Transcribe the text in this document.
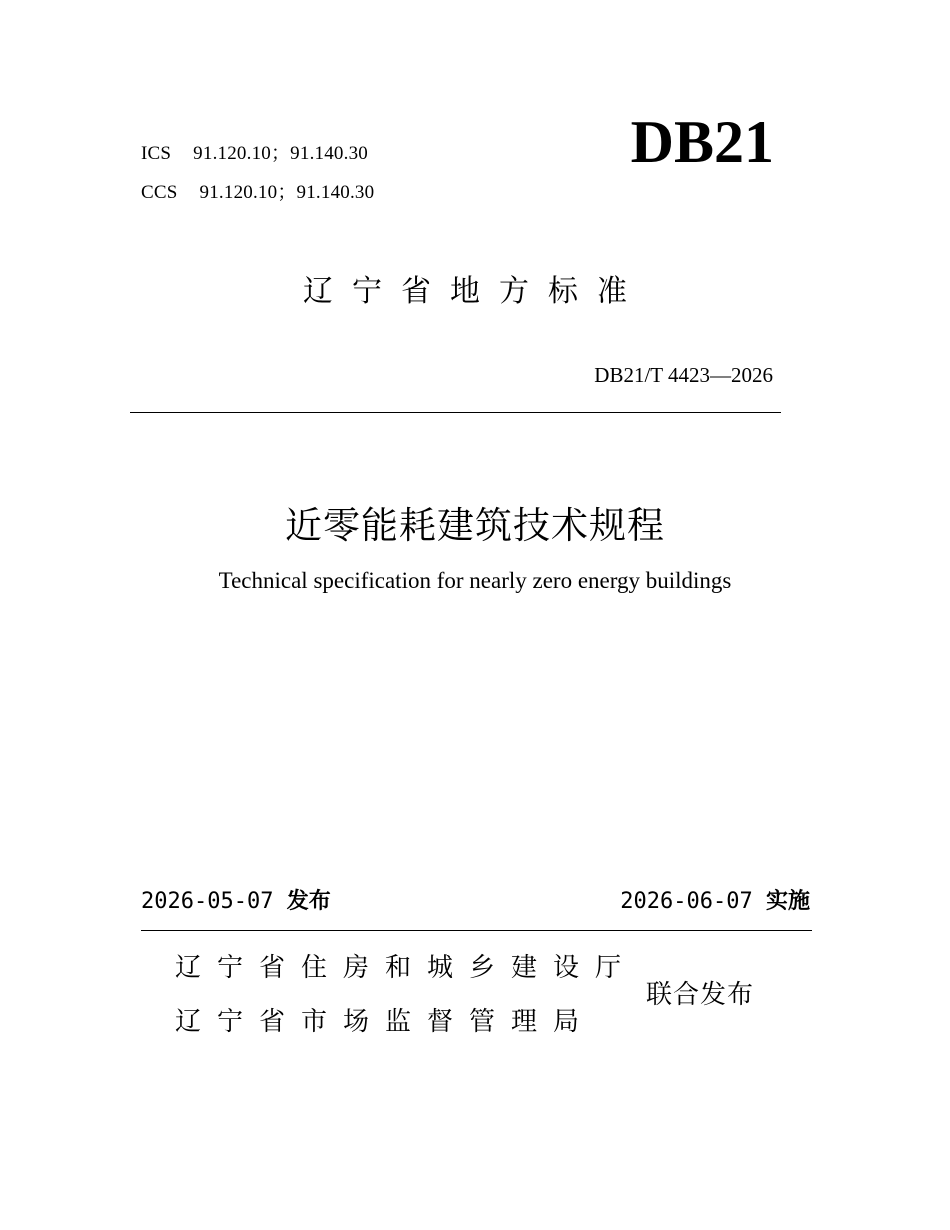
ICS 91.120.10；91.140.30
CCS 91.120.10；91.140.30
DB21
辽宁省地方标准
DB21/T 4423—2026
近零能耗建筑技术规程
Technical specification for nearly zero energy buildings
2026-05-07 发布	2026-06-07 实施
辽宁省住房和城乡建设厅
辽宁省市场监督管理局
联合发布
